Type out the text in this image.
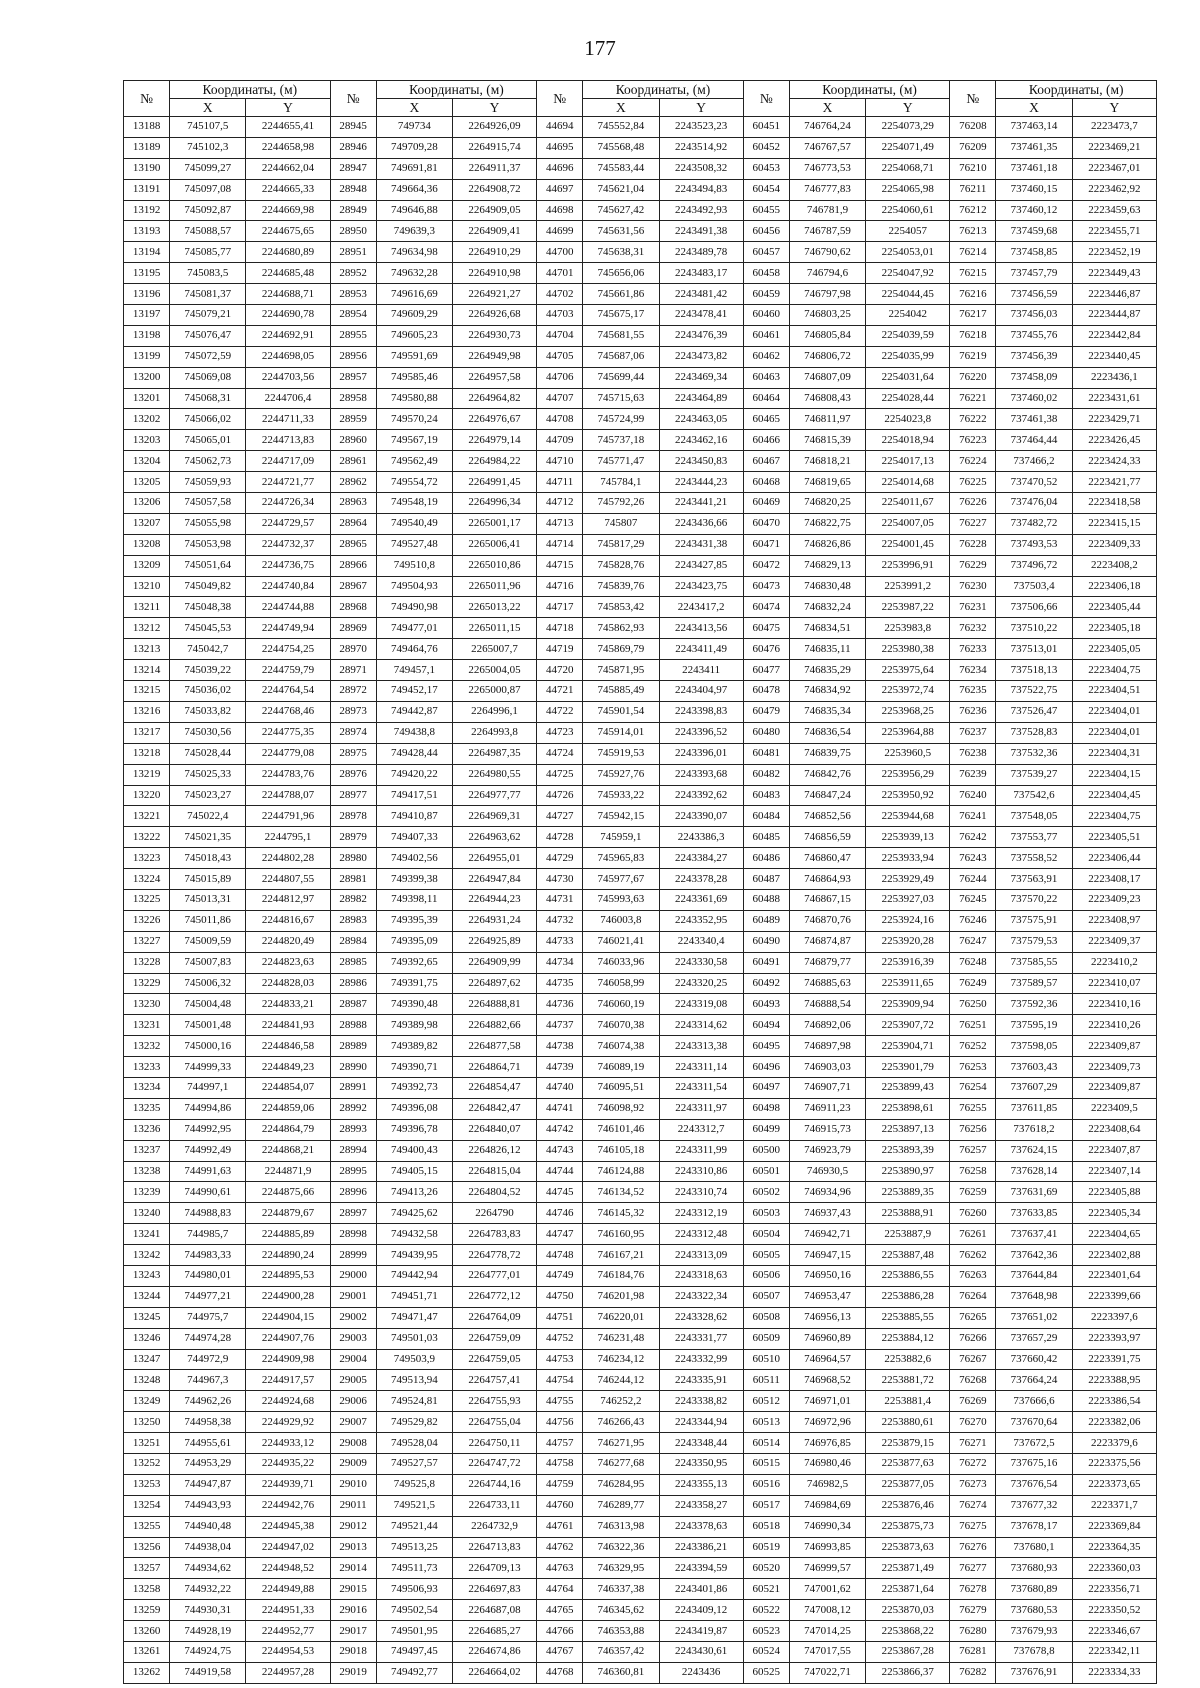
177
№	Координаты, (м)		№	Координаты, (м)		№	Координаты, (м)		№	Координаты, (м)		№	Координаты, (м)	
	X	Y		X	Y		X	Y		X	Y		X	Y
13188	745107,5	2244655,41	28945	749734	2264926,09	44694	745552,84	2243523,23	60451	746764,24	2254073,29	76208	737463,14	2223473,7
13189	745102,3	2244658,98	28946	749709,28	2264915,74	44695	745568,48	2243514,92	60452	746767,57	2254071,49	76209	737461,35	2223469,21
13190	745099,27	2244662,04	28947	749691,81	2264911,37	44696	745583,44	2243508,32	60453	746773,53	2254068,71	76210	737461,18	2223467,01
13191	745097,08	2244665,33	28948	749664,36	2264908,72	44697	745621,04	2243494,83	60454	746777,83	2254065,98	76211	737460,15	2223462,92
13192	745092,87	2244669,98	28949	749646,88	2264909,05	44698	745627,42	2243492,93	60455	746781,9	2254060,61	76212	737460,12	2223459,63
13193	745088,57	2244675,65	28950	749639,3	2264909,41	44699	745631,56	2243491,38	60456	746787,59	2254057	76213	737459,68	2223455,71
13194	745085,77	2244680,89	28951	749634,98	2264910,29	44700	745638,31	2243489,78	60457	746790,62	2254053,01	76214	737458,85	2223452,19
13195	745083,5	2244685,48	28952	749632,28	2264910,98	44701	745656,06	2243483,17	60458	746794,6	2254047,92	76215	737457,79	2223449,43
13196	745081,37	2244688,71	28953	749616,69	2264921,27	44702	745661,86	2243481,42	60459	746797,98	2254044,45	76216	737456,59	2223446,87
13197	745079,21	2244690,78	28954	749609,29	2264926,68	44703	745675,17	2243478,41	60460	746803,25	2254042	76217	737456,03	2223444,87
13198	745076,47	2244692,91	28955	749605,23	2264930,73	44704	745681,55	2243476,39	60461	746805,84	2254039,59	76218	737455,76	2223442,84
13199	745072,59	2244698,05	28956	749591,69	2264949,98	44705	745687,06	2243473,82	60462	746806,72	2254035,99	76219	737456,39	2223440,45
13200	745069,08	2244703,56	28957	749585,46	2264957,58	44706	745699,44	2243469,34	60463	746807,09	2254031,64	76220	737458,09	2223436,1
13201	745068,31	2244706,4	28958	749580,88	2264964,82	44707	745715,63	2243464,89	60464	746808,43	2254028,44	76221	737460,02	2223431,61
13202	745066,02	2244711,33	28959	749570,24	2264976,67	44708	745724,99	2243463,05	60465	746811,97	2254023,8	76222	737461,38	2223429,71
13203	745065,01	2244713,83	28960	749567,19	2264979,14	44709	745737,18	2243462,16	60466	746815,39	2254018,94	76223	737464,44	2223426,45
13204	745062,73	2244717,09	28961	749562,49	2264984,22	44710	745771,47	2243450,83	60467	746818,21	2254017,13	76224	737466,2	2223424,33
13205	745059,93	2244721,77	28962	749554,72	2264991,45	44711	745784,1	2243444,23	60468	746819,65	2254014,68	76225	737470,52	2223421,77
13206	745057,58	2244726,34	28963	749548,19	2264996,34	44712	745792,26	2243441,21	60469	746820,25	2254011,67	76226	737476,04	2223418,58
13207	745055,98	2244729,57	28964	749540,49	2265001,17	44713	745807	2243436,66	60470	746822,75	2254007,05	76227	737482,72	2223415,15
13208	745053,98	2244732,37	28965	749527,48	2265006,41	44714	745817,29	2243431,38	60471	746826,86	2254001,45	76228	737493,53	2223409,33
13209	745051,64	2244736,75	28966	749510,8	2265010,86	44715	745828,76	2243427,85	60472	746829,13	2253996,91	76229	737496,72	2223408,2
13210	745049,82	2244740,84	28967	749504,93	2265011,96	44716	745839,76	2243423,75	60473	746830,48	2253991,2	76230	737503,4	2223406,18
13211	745048,38	2244744,88	28968	749490,98	2265013,22	44717	745853,42	2243417,2	60474	746832,24	2253987,22	76231	737506,66	2223405,44
13212	745045,53	2244749,94	28969	749477,01	2265011,15	44718	745862,93	2243413,56	60475	746834,51	2253983,8	76232	737510,22	2223405,18
13213	745042,7	2244754,25	28970	749464,76	2265007,7	44719	745869,79	2243411,49	60476	746835,11	2253980,38	76233	737513,01	2223405,05
13214	745039,22	2244759,79	28971	749457,1	2265004,05	44720	745871,95	2243411	60477	746835,29	2253975,64	76234	737518,13	2223404,75
13215	745036,02	2244764,54	28972	749452,17	2265000,87	44721	745885,49	2243404,97	60478	746834,92	2253972,74	76235	737522,75	2223404,51
13216	745033,82	2244768,46	28973	749442,87	2264996,1	44722	745901,54	2243398,83	60479	746835,34	2253968,25	76236	737526,47	2223404,01
13217	745030,56	2244775,35	28974	749438,8	2264993,8	44723	745914,01	2243396,52	60480	746836,54	2253964,88	76237	737528,83	2223404,01
13218	745028,44	2244779,08	28975	749428,44	2264987,35	44724	745919,53	2243396,01	60481	746839,75	2253960,5	76238	737532,36	2223404,31
13219	745025,33	2244783,76	28976	749420,22	2264980,55	44725	745927,76	2243393,68	60482	746842,76	2253956,29	76239	737539,27	2223404,15
13220	745023,27	2244788,07	28977	749417,51	2264977,77	44726	745933,22	2243392,62	60483	746847,24	2253950,92	76240	737542,6	2223404,45
13221	745022,4	2244791,96	28978	749410,87	2264969,31	44727	745942,15	2243390,07	60484	746852,56	2253944,68	76241	737548,05	2223404,75
13222	745021,35	2244795,1	28979	749407,33	2264963,62	44728	745959,1	2243386,3	60485	746856,59	2253939,13	76242	737553,77	2223405,51
13223	745018,43	2244802,28	28980	749402,56	2264955,01	44729	745965,83	2243384,27	60486	746860,47	2253933,94	76243	737558,52	2223406,44
13224	745015,89	2244807,55	28981	749399,38	2264947,84	44730	745977,67	2243378,28	60487	746864,93	2253929,49	76244	737563,91	2223408,17
13225	745013,31	2244812,97	28982	749398,11	2264944,23	44731	745993,63	2243361,69	60488	746867,15	2253927,03	76245	737570,22	2223409,23
13226	745011,86	2244816,67	28983	749395,39	2264931,24	44732	746003,8	2243352,95	60489	746870,76	2253924,16	76246	737575,91	2223408,97
13227	745009,59	2244820,49	28984	749395,09	2264925,89	44733	746021,41	2243340,4	60490	746874,87	2253920,28	76247	737579,53	2223409,37
13228	745007,83	2244823,63	28985	749392,65	2264909,99	44734	746033,96	2243330,58	60491	746879,77	2253916,39	76248	737585,55	2223410,2
13229	745006,32	2244828,03	28986	749391,75	2264897,62	44735	746058,99	2243320,25	60492	746885,63	2253911,65	76249	737589,57	2223410,07
13230	745004,48	2244833,21	28987	749390,48	2264888,81	44736	746060,19	2243319,08	60493	746888,54	2253909,94	76250	737592,36	2223410,16
13231	745001,48	2244841,93	28988	749389,98	2264882,66	44737	746070,38	2243314,62	60494	746892,06	2253907,72	76251	737595,19	2223410,26
13232	745000,16	2244846,58	28989	749389,82	2264877,58	44738	746074,38	2243313,38	60495	746897,98	2253904,71	76252	737598,05	2223409,87
13233	744999,33	2244849,23	28990	749390,71	2264864,71	44739	746089,19	2243311,14	60496	746903,03	2253901,79	76253	737603,43	2223409,73
13234	744997,1	2244854,07	28991	749392,73	2264854,47	44740	746095,51	2243311,54	60497	746907,71	2253899,43	76254	737607,29	2223409,87
13235	744994,86	2244859,06	28992	749396,08	2264842,47	44741	746098,92	2243311,97	60498	746911,23	2253898,61	76255	737611,85	2223409,5
13236	744992,95	2244864,79	28993	749396,78	2264840,07	44742	746101,46	2243312,7	60499	746915,73	2253897,13	76256	737618,2	2223408,64
13237	744992,49	2244868,21	28994	749400,43	2264826,12	44743	746105,18	2243311,99	60500	746923,79	2253893,39	76257	737624,15	2223407,87
13238	744991,63	2244871,9	28995	749405,15	2264815,04	44744	746124,88	2243310,86	60501	746930,5	2253890,97	76258	737628,14	2223407,14
13239	744990,61	2244875,66	28996	749413,26	2264804,52	44745	746134,52	2243310,74	60502	746934,96	2253889,35	76259	737631,69	2223405,88
13240	744988,83	2244879,67	28997	749425,62	2264790	44746	746145,32	2243312,19	60503	746937,43	2253888,91	76260	737633,85	2223405,34
13241	744985,7	2244885,89	28998	749432,58	2264783,83	44747	746160,95	2243312,48	60504	746942,71	2253887,9	76261	737637,41	2223404,65
13242	744983,33	2244890,24	28999	749439,95	2264778,72	44748	746167,21	2243313,09	60505	746947,15	2253887,48	76262	737642,36	2223402,88
13243	744980,01	2244895,53	29000	749442,94	2264777,01	44749	746184,76	2243318,63	60506	746950,16	2253886,55	76263	737644,84	2223401,64
13244	744977,21	2244900,28	29001	749451,71	2264772,12	44750	746201,98	2243322,34	60507	746953,47	2253886,28	76264	737648,98	2223399,66
13245	744975,7	2244904,15	29002	749471,47	2264764,09	44751	746220,01	2243328,62	60508	746956,13	2253885,55	76265	737651,02	2223397,6
13246	744974,28	2244907,76	29003	749501,03	2264759,09	44752	746231,48	2243331,77	60509	746960,89	2253884,12	76266	737657,29	2223393,97
13247	744972,9	2244909,98	29004	749503,9	2264759,05	44753	746234,12	2243332,99	60510	746964,57	2253882,6	76267	737660,42	2223391,75
13248	744967,3	2244917,57	29005	749513,94	2264757,41	44754	746244,12	2243335,91	60511	746968,52	2253881,72	76268	737664,24	2223388,95
13249	744962,26	2244924,68	29006	749524,81	2264755,93	44755	746252,2	2243338,82	60512	746971,01	2253881,4	76269	737666,6	2223386,54
13250	744958,38	2244929,92	29007	749529,82	2264755,04	44756	746266,43	2243344,94	60513	746972,96	2253880,61	76270	737670,64	2223382,06
13251	744955,61	2244933,12	29008	749528,04	2264750,11	44757	746271,95	2243348,44	60514	746976,85	2253879,15	76271	737672,5	2223379,6
13252	744953,29	2244935,22	29009	749527,57	2264747,72	44758	746277,68	2243350,95	60515	746980,46	2253877,63	76272	737675,16	2223375,56
13253	744947,87	2244939,71	29010	749525,8	2264744,16	44759	746284,95	2243355,13	60516	746982,5	2253877,05	76273	737676,54	2223373,65
13254	744943,93	2244942,76	29011	749521,5	2264733,11	44760	746289,77	2243358,27	60517	746984,69	2253876,46	76274	737677,32	2223371,7
13255	744940,48	2244945,38	29012	749521,44	2264732,9	44761	746313,98	2243378,63	60518	746990,34	2253875,73	76275	737678,17	2223369,84
13256	744938,04	2244947,02	29013	749513,25	2264713,83	44762	746322,36	2243386,21	60519	746993,85	2253873,63	76276	737680,1	2223364,35
13257	744934,62	2244948,52	29014	749511,73	2264709,13	44763	746329,95	2243394,59	60520	746999,57	2253871,49	76277	737680,93	2223360,03
13258	744932,22	2244949,88	29015	749506,93	2264697,83	44764	746337,38	2243401,86	60521	747001,62	2253871,64	76278	737680,89	2223356,71
13259	744930,31	2244951,33	29016	749502,54	2264687,08	44765	746345,62	2243409,12	60522	747008,12	2253870,03	76279	737680,53	2223350,52
13260	744928,19	2244952,77	29017	749501,95	2264685,27	44766	746353,88	2243419,87	60523	747014,25	2253868,22	76280	737679,93	2223346,67
13261	744924,75	2244954,53	29018	749497,45	2264674,86	44767	746357,42	2243430,61	60524	747017,55	2253867,28	76281	737678,8	2223342,11
13262	744919,58	2244957,28	29019	749492,77	2264664,02	44768	746360,81	2243436	60525	747022,71	2253866,37	76282	737676,91	2223334,33
